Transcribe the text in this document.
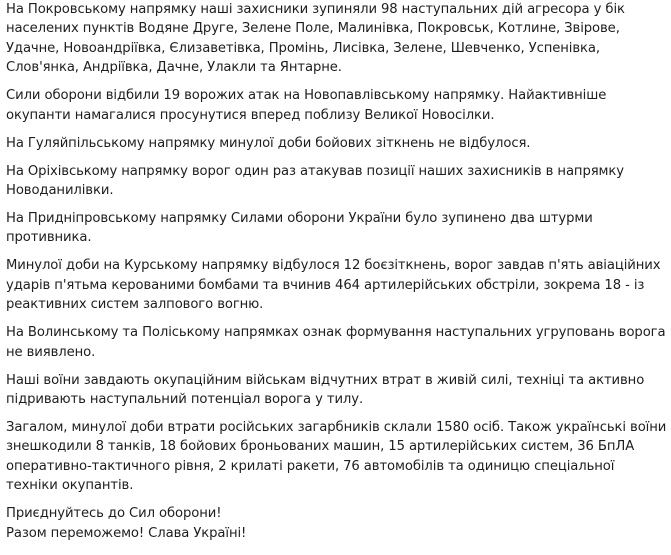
На Покровському напрямку наші захисники зупиняли 98 наступальних дій агресора у бік населених пунктів Водяне Друге, Зелене Поле, Малинівка, Покровськ, Котлине, Звірове, Удачне, Новоандріївка, Єлизаветівка, Промінь, Лисівка, Зелене, Шевченко, Успенівка, Слов'янка, Андріївка, Дачне, Улакли та Янтарне.

Сили оборони відбили 19 ворожих атак на Новопавлівському напрямку. Найактивніше окупанти намагалися просунутися вперед поблизу Великої Новосілки.

На Гуляйпільському напрямку минулої доби бойових зіткнень не відбулося.

На Оріхівському напрямку ворог один раз атакував позиції наших захисників в напрямку Новоданилівки.

На Придніпровському напрямку Силами оборони України було зупинено два штурми противника.

Минулої доби на Курському напрямку відбулося 12 боєзіткнень, ворог завдав п'ять авіаційних ударів п'ятьма керованими бомбами та вчинив 464 артилерійських обстріли, зокрема 18 - із реактивних систем залпового вогню.

На Волинському та Поліському напрямках ознак формування наступальних угруповань ворога не виявлено.

Наші воїни завдають окупаційним військам відчутних втрат в живій силі, техніці та активно підривають наступальний потенціал ворога у тилу.

Загалом, минулої доби втрати російських загарбників склали 1580 осіб. Також українські воїни знешкодили 8 танків, 18 бойових броньованих машин, 15 артилерійських систем, 36 БпЛА оперативно-тактичного рівня, 2 крилаті ракети, 76 автомобілів та одиницю спеціальної техніки окупантів.

Приєднуйтесь до Сил оборони!

Разом переможемо! Слава Україні!
